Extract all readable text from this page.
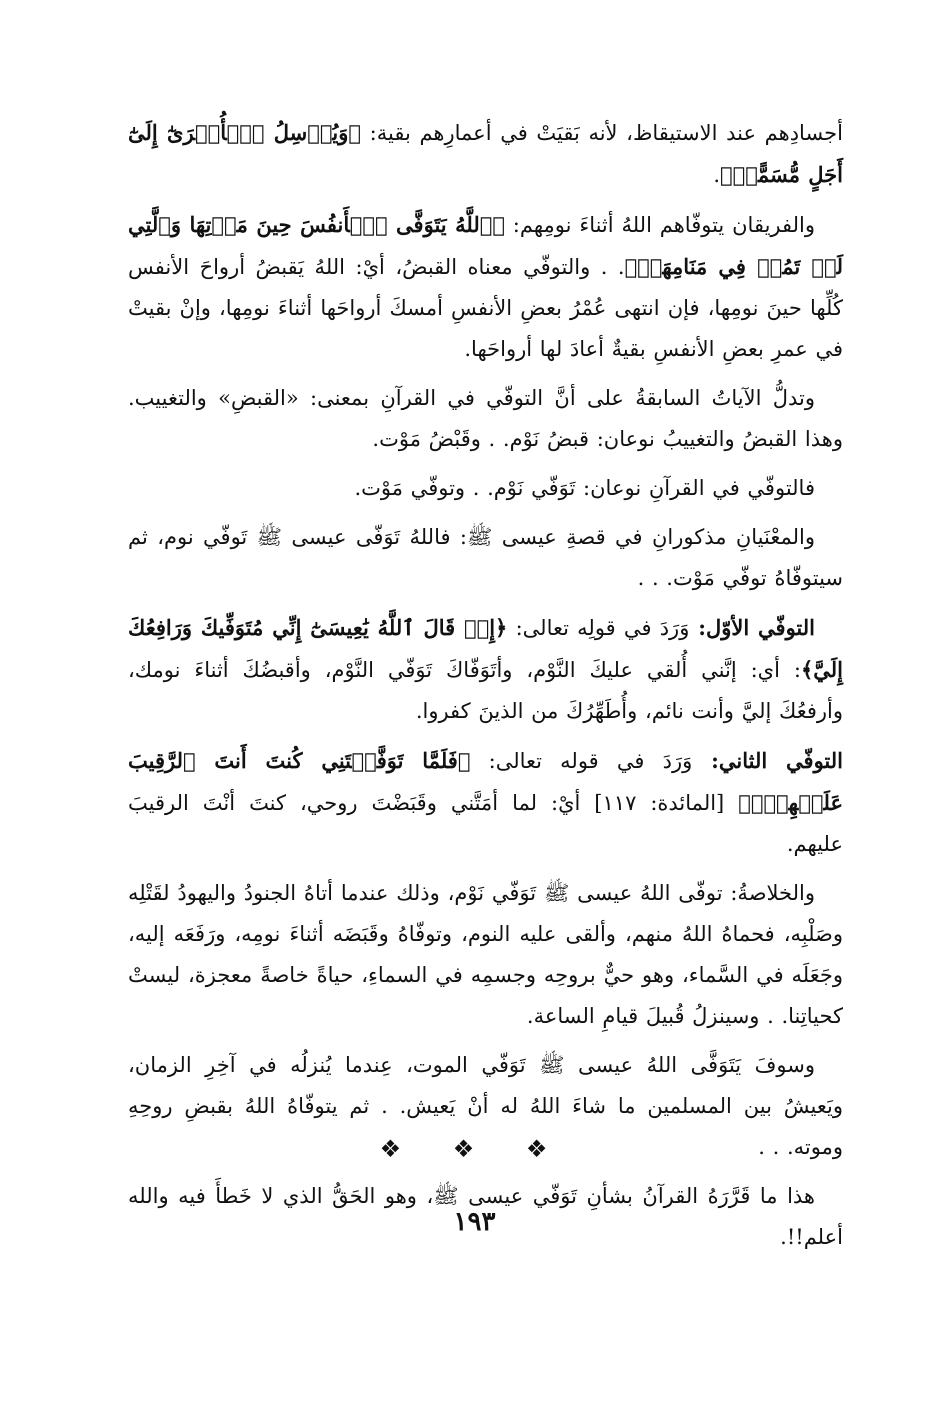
أجسادِهم عند الاستيقاظ، لأنه بَقيَتْ في أعمارِهم بقية: ﴿وَيُرۡسِلُ ٱلۡأُخۡرَىٰٓ إِلَىٰٓ أَجَلٍ مُّسَمًّىۚ﴾.

والفريقان يتوفّاهم اللهُ أثناءَ نومِهم: ﴿ٱللَّهُ يَتَوَفَّى ٱلۡأَنفُسَ حِينَ مَوۡتِهَا وَٱلَّتِي لَمۡ تَمُتۡ فِي مَنَامِهَاۖ﴾. . والتوفّي معناه القبضُ، أيْ: اللهُ يَقبضُ أرواحَ الأنفس كُلِّها حينَ نومِها، فإن انتهى عُمْرُ بعضِ الأنفسِ أمسكَ أرواحَها أثناءَ نومِها، وإنْ بقيتْ في عمرِ بعضِ الأنفسِ بقيةٌ أعادَ لها أرواحَها.

وتدلُّ الآياتُ السابقةُ على أنَّ التوفّي في القرآنِ بمعنى: «القبضِ» والتغييب. وهذا القبضُ والتغييبُ نوعان: قبضُ نَوْم. . وقَبْضُ مَوْت.

فالتوفّي في القرآنِ نوعان: تَوَفّي نَوْم. . وتوفّي مَوْت.

والمعْنَيانِ مذكورانِ في قصةِ عيسى ﷺ: فاللهُ تَوَفّى عيسى ﷺ تَوفّي نوم، ثم سيتوفّاهُ توفّي مَوْت. . .

التوفّي الأوّل: وَرَدَ في قولِه تعالى: ﴿إِذۡ قَالَ ٱللَّهُ يَٰعِيسَىٰٓ إِنِّي مُتَوَفِّيكَ وَرَافِعُكَ إِلَيَّ﴾: أي: إنَّني أُلقي عليكَ النَّوْم، وأتَوَفّاكَ تَوَفّي النَّوْم، وأقبضُكَ أثناءَ نومك، وأرفعُكَ إليَّ وأنت نائم، وأُطَهِّرُكَ من الذينَ كفروا.

التوفّي الثاني: وَرَدَ في قوله تعالى: ﴿فَلَمَّا تَوَفَّيۡتَنِي كُنتَ أَنتَ ٱلرَّقِيبَ عَلَيۡهِمۡۚ﴾ [المائدة: ١١٧] أيْ: لما أمَتَّني وقَبَضْتَ روحي، كنتَ أنْتَ الرقيبَ عليهم.

والخلاصةُ: توفّى اللهُ عيسى ﷺ تَوَفّي نَوْم، وذلك عندما أتاهُ الجنودُ واليهودُ لقَتْلِه وصَلْبِه، فحماهُ اللهُ منهم، وألقى عليه النوم، وتوفّاهُ وقَبَضَه أثناءَ نومِه، ورَفَعَه إليه، وجَعَلَه في السَّماء، وهو حيٌّ بروحِه وجسمِه في السماءِ، حياةً خاصةً معجزة، ليستْ كحياتِنا. . وسينزلُ قُبيلَ قيامِ الساعة.

وسوفَ يَتَوَفَّى اللهُ عيسى ﷺ تَوَفّي الموت، عِندما يُنزلُه في آخِرِ الزمان، ويَعيشُ بين المسلمين ما شاءَ اللهُ له أنْ يَعيش. . ثم يتوفّاهُ اللهُ بقبضِ روحِهِ وموته. . .

هذا ما قَرَّرَهُ القرآنُ بشأنِ تَوَفّي عيسى ﷺ، وهو الحَقُّ الذي لا خَطأَ فيه والله أعلم!!.

❖ ❖ ❖
١٩٣
